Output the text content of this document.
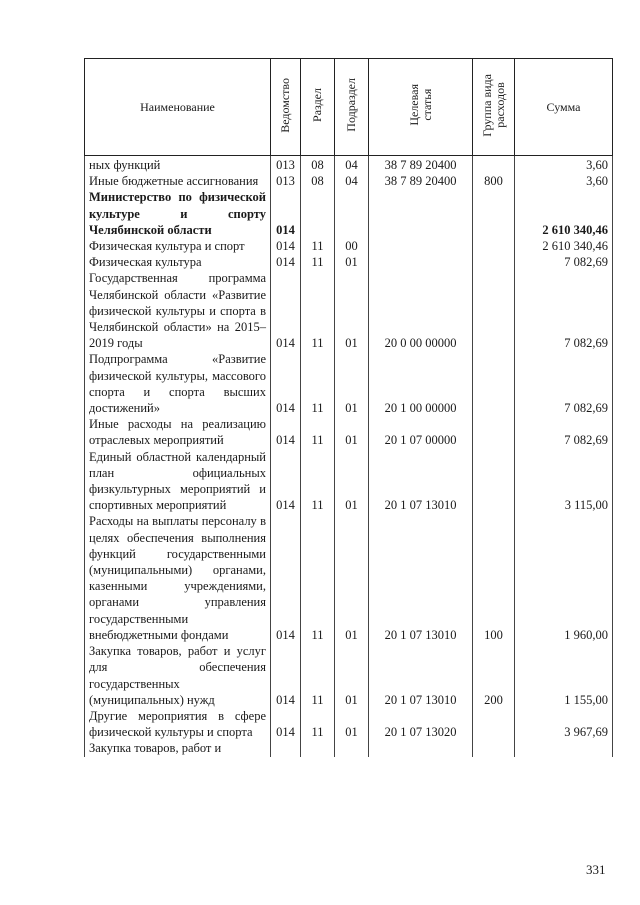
Наименование	Ведомство	Раздел	Подраздел	Целевая
статья	Группа вида
расходов	Сумма
ных функций	013	08	04	38 7 89 20400		3,60
Иные бюджетные ассигнования	013	08	04	38 7 89 20400	800	3,60
Министерство по физической культуре и спорту Челябинской области	014					2 610 340,46
Физическая культура и спорт	014	11	00			2 610 340,46
Физическая культура	014	11	01			7 082,69
Государственная программа Челябинской области «Развитие физической культуры и спорта в Челябинской области» на 2015–2019 годы	014	11	01	20 0 00 00000		7 082,69
Подпрограмма «Развитие физической культуры, массового спорта и спорта высших достижений»	014	11	01	20 1 00 00000		7 082,69
Иные расходы на реализацию отраслевых мероприятий	014	11	01	20 1 07 00000		7 082,69
Единый областной календарный план официальных физкультурных мероприятий и спортивных мероприятий	014	11	01	20 1 07 13010		3 115,00
Расходы на выплаты персоналу в целях обеспечения выполнения функций государственными (муниципальными) органами, казенными учреждениями, органами управления государственными внебюджетными фондами	014	11	01	20 1 07 13010	100	1 960,00
Закупка товаров, работ и услуг для обеспечения государственных (муниципальных) нужд	014	11	01	20 1 07 13010	200	1 155,00
Другие мероприятия в сфере физической культуры и спорта	014	11	01	20 1 07 13020		3 967,69
Закупка товаров, работ и						
331
